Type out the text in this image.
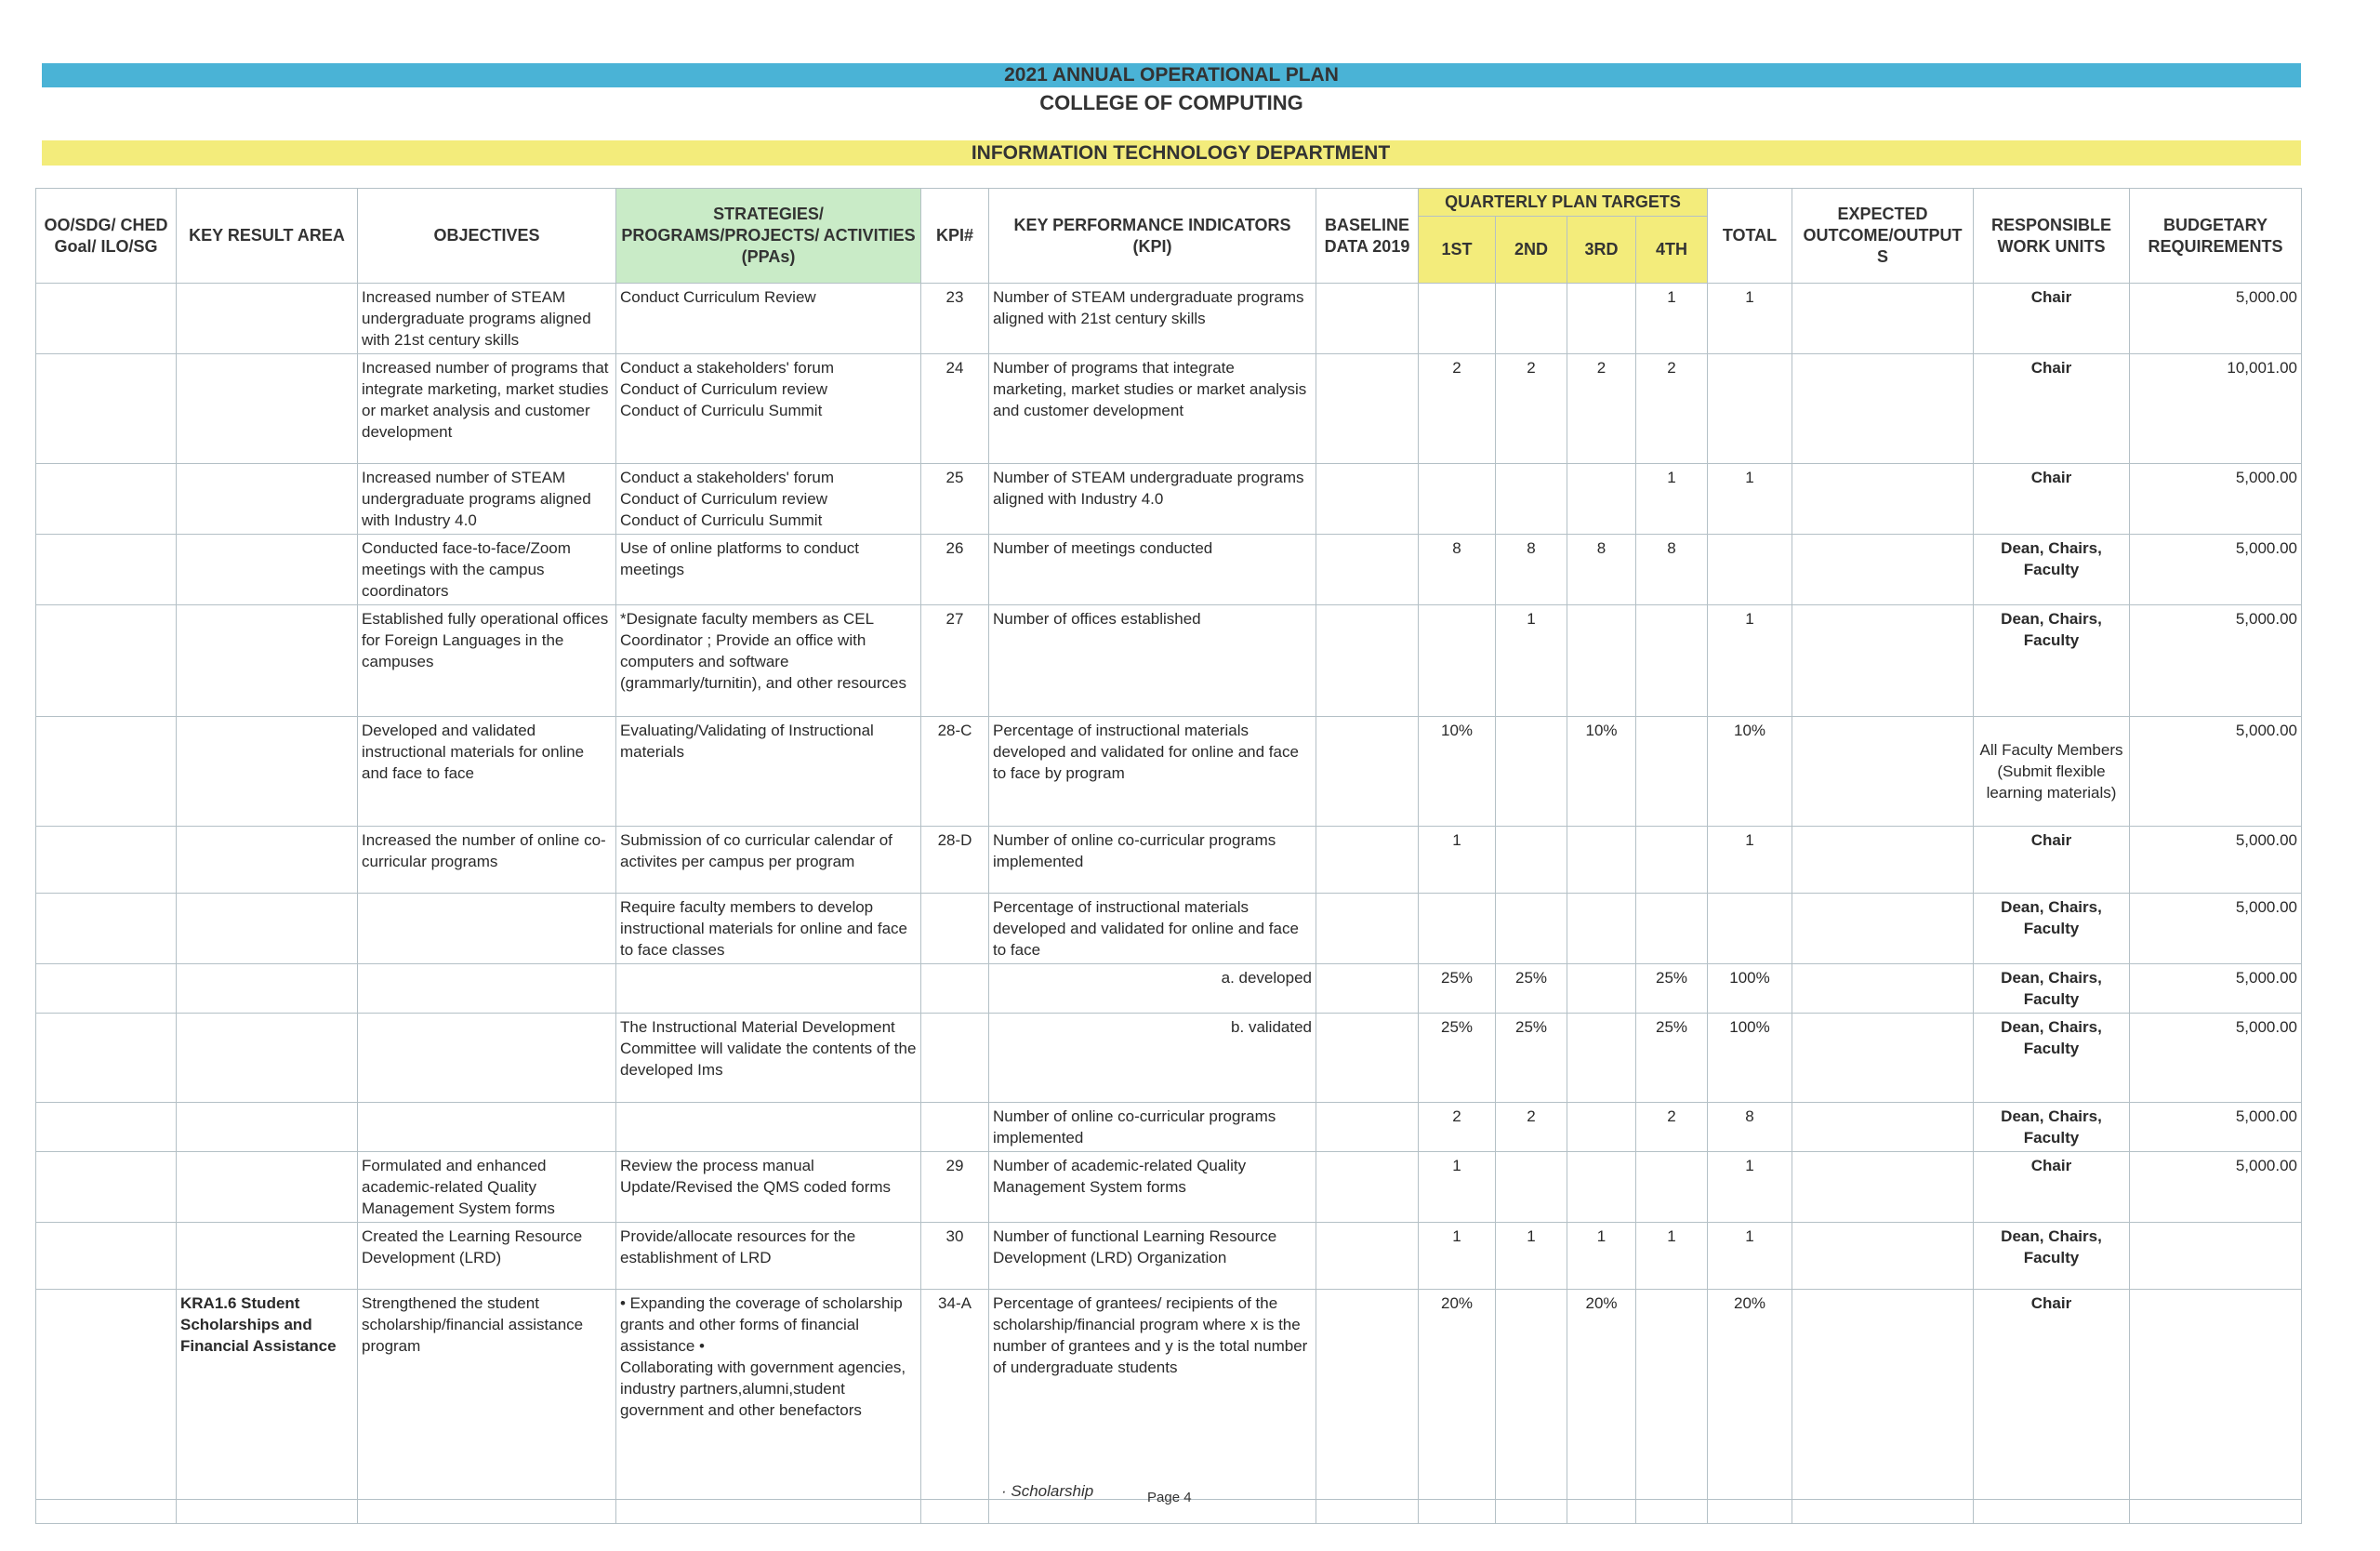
2021 ANNUAL OPERATIONAL PLAN
COLLEGE OF COMPUTING
INFORMATION TECHNOLOGY DEPARTMENT
OO/SDG/ CHED Goal/ ILO/SG	KEY RESULT AREA	OBJECTIVES	STRATEGIES/ PROGRAMS/PROJECTS/ ACTIVITIES (PPAs)	KPI#	KEY PERFORMANCE INDICATORS (KPI)	BASELINE DATA 2019	QUARTERLY PLAN TARGETS				TOTAL	EXPECTED OUTCOME/OUTPUT S	RESPONSIBLE WORK UNITS	BUDGETARY REQUIREMENTS
							1ST	2ND	3RD	4TH				
		Increased number of STEAM undergraduate programs aligned with 21st century skills	Conduct Curriculum Review	23	Number of STEAM undergraduate programs aligned with 21st century skills					1	1		Chair	5,000.00
		Increased number of programs that integrate marketing, market studies or market analysis and customer development	Conduct a stakeholders' forum
Conduct of Curriculum review
Conduct of Curriculu Summit	24	Number of programs that integrate marketing, market studies or market analysis and customer development		2	2	2	2			Chair	10,001.00
		Increased number of STEAM undergraduate programs aligned with Industry 4.0	Conduct a stakeholders' forum
Conduct of Curriculum review
Conduct of Curriculu Summit	25	Number of STEAM undergraduate programs aligned with Industry 4.0					1	1		Chair	5,000.00
		Conducted face-to-face/Zoom meetings with the campus coordinators	Use of online platforms to conduct meetings	26	Number of meetings conducted		8	8	8	8			Dean, Chairs, Faculty	5,000.00
		Established fully operational offices for Foreign Languages in the campuses	*Designate faculty members as CEL Coordinator ; Provide an office with computers and software (grammarly/turnitin), and other resources	27	Number of offices established			1			1		Dean, Chairs, Faculty	5,000.00
		Developed and validated instructional materials for online and face to face	Evaluating/Validating of Instructional materials	28-C	Percentage of instructional materials developed and validated for online and face to face by program		10%		10%		10%		All Faculty Members (Submit flexible learning materials)	5,000.00
		Increased the number of online co-curricular programs	Submission of co curricular calendar of activites per campus per program	28-D	Number of online co-curricular programs implemented		1				1		Chair	5,000.00
			Require faculty members to develop instructional materials for online and face to face classes		Percentage of instructional materials developed and validated for online and face to face								Dean, Chairs, Faculty	5,000.00
					a. developed		25%	25%		25%	100%		Dean, Chairs, Faculty	5,000.00
			The Instructional Material Development Committee will validate the contents of the developed Ims		b. validated		25%	25%		25%	100%		Dean, Chairs, Faculty	5,000.00
					Number of online co-curricular programs implemented		2	2		2	8		Dean, Chairs, Faculty	5,000.00
		Formulated and enhanced academic-related Quality Management System forms	Review the process manual
Update/Revised the QMS coded forms	29	Number of academic-related Quality Management System forms		1				1		Chair	5,000.00
		Created the Learning Resource Development (LRD)	Provide/allocate resources for the establishment of LRD	30	Number of functional Learning Resource Development (LRD) Organization		1	1	1	1	1		Dean, Chairs, Faculty	
	KRA1.6 Student Scholarships and Financial Assistance	Strengthened the student scholarship/financial assistance program	• Expanding the coverage of scholarship grants and other forms of financial assistance •
Collaborating with government agencies, industry partners,alumni,student government and other benefactors	34-A	Percentage of grantees/ recipients of the scholarship/financial program where x is the number of grantees and y is the total number of undergraduate students		20%		20%		20%		Chair	

· Scholarship	Page 4
